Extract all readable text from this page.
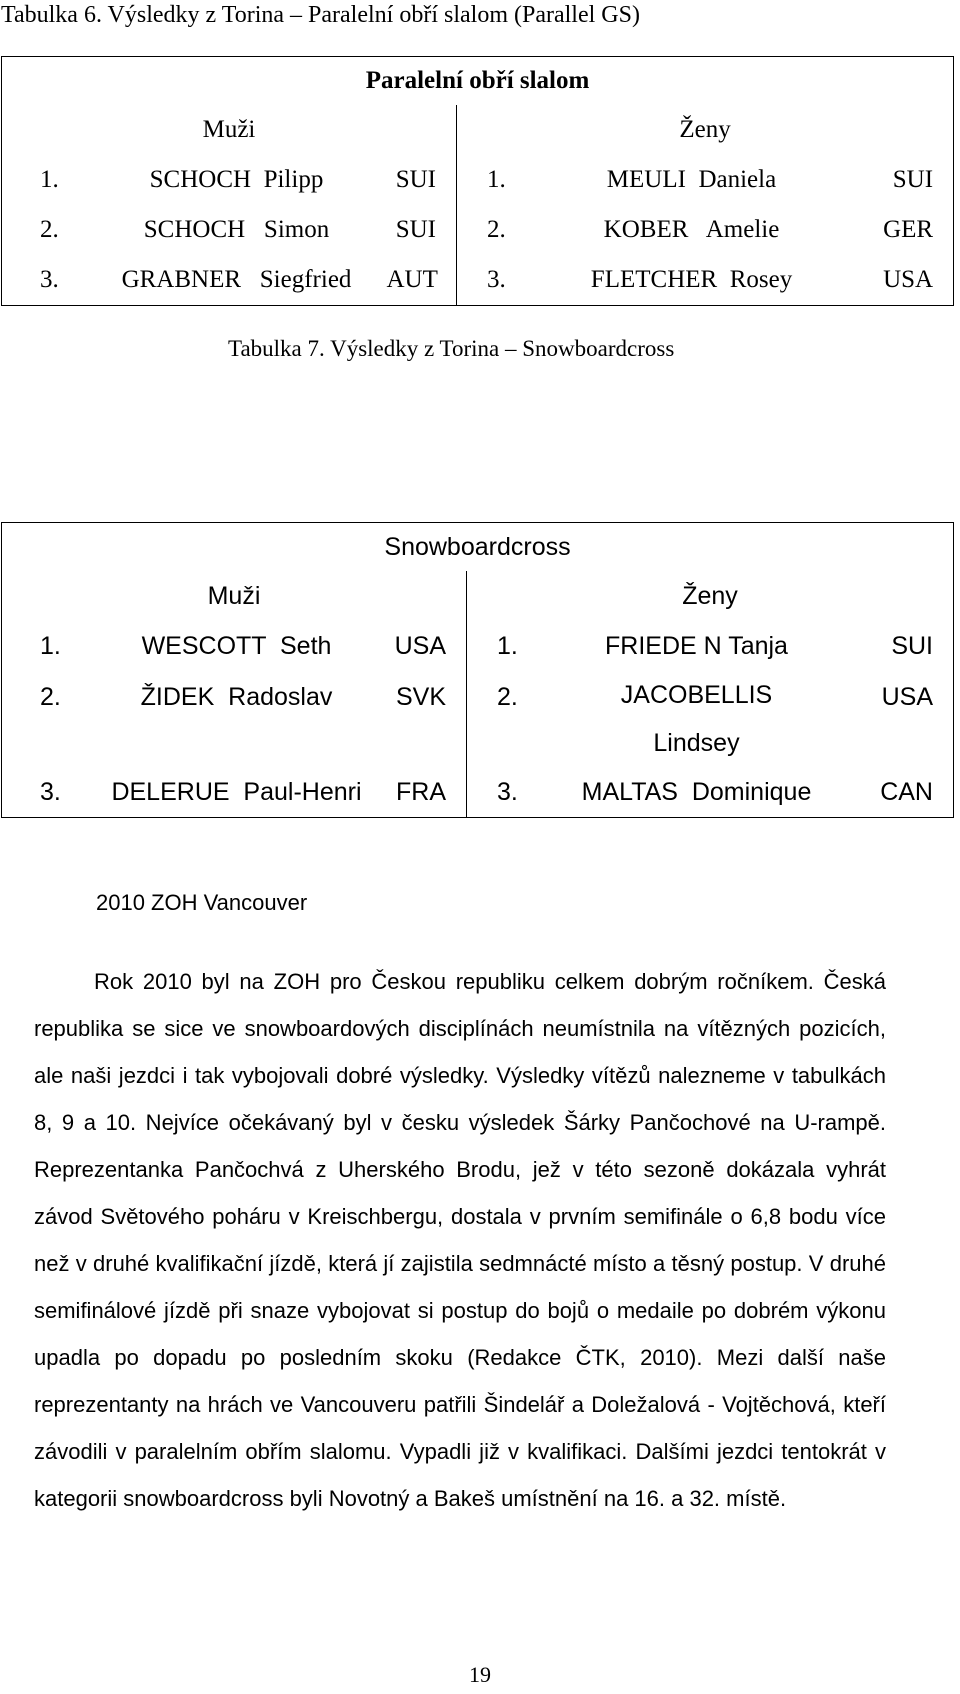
Tabulka 6. Výsledky z Torina – Paralelní obří slalom (Parallel GS)
Paralelní obří slalom					
Muži			Ženy		
1.	SCHOCH  Pilipp	SUI	1.	MEULI  Daniela	SUI
2.	SCHOCH   Simon	SUI	2.	KOBER   Amelie	GER
3.	GRABNER   Siegfried	AUT	3.	FLETCHER  Rosey	USA
Tabulka 7. Výsledky z Torina – Snowboardcross
Snowboardcross					
Muži			Ženy		
1.	WESCOTT  Seth	USA	1.	FRIEDE N Tanja	SUI
2.	ŽIDEK  Radoslav	SVK	2.	JACOBELLIS
Lindsey	USA
3.	DELERUE  Paul-Henri	FRA	3.	MALTAS  Dominique	CAN
2010 ZOH Vancouver
Rok 2010 byl na ZOH pro Českou republiku celkem dobrým ročníkem. Česká republika se sice ve snowboardových disciplínách neumístnila na vítězných pozicích, ale naši jezdci i tak vybojovali dobré výsledky. Výsledky vítězů nalezneme v tabulkách 8, 9 a 10. Nejvíce očekávaný byl v česku výsledek Šárky Pančochové na U-rampě. Reprezentanka Pančochvá z Uherského Brodu, jež v této sezoně dokázala vyhrát závod Světového poháru v Kreischbergu, dostala v prvním semifinále o 6,8 bodu více než v druhé kvalifikační jízdě, která jí zajistila sedmnácté místo a těsný postup. V druhé semifinálové jízdě při snaze vybojovat si postup do bojů o medaile po dobrém výkonu upadla po dopadu po posledním skoku (Redakce ČTK, 2010). Mezi další naše reprezentanty na hrách ve Vancouveru patřili Šindelář a Doležalová - Vojtěchová, kteří závodili v paralelním obřím slalomu. Vypadli již v kvalifikaci. Dalšími jezdci tentokrát v kategorii snowboardcross byli Novotný a Bakeš umístnění na 16. a 32. místě.
19
